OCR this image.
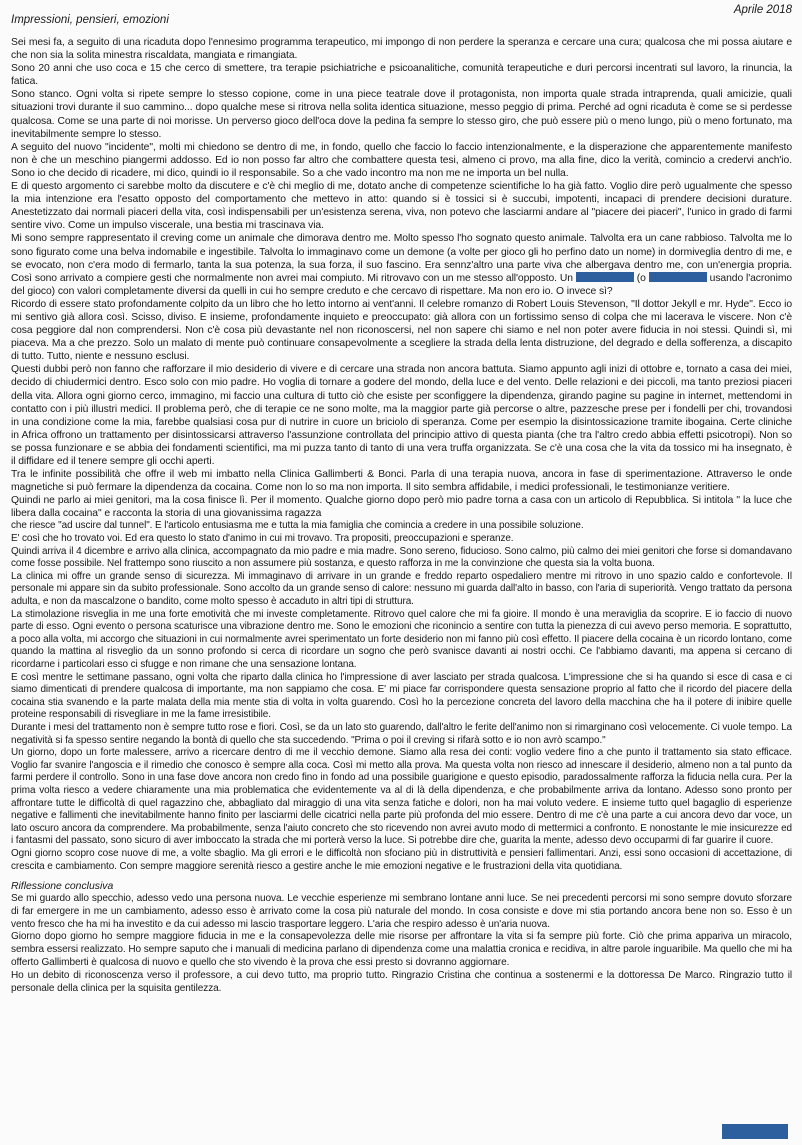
Aprile 2018
Impressioni, pensieri, emozioni

Sei mesi fa, a seguito di una ricaduta dopo l'ennesimo programma terapeutico, mi impongo di non perdere la speranza e cercare una cura; qualcosa che mi possa aiutare e che non sia la solita minestra riscaldata, mangiata e rimangiata.

Sono 20 anni che uso coca e 15 che cerco di smettere, tra terapie psichiatriche e psicoanalitiche, comunità terapeutiche e duri percorsi incentrati sul lavoro, la rinuncia, la fatica.

Sono stanco. Ogni volta si ripete sempre lo stesso copione, come in una piece teatrale dove il protagonista, non importa quale strada intraprenda, quali amicizie, quali situazioni trovi durante il suo cammino... dopo qualche mese si ritrova nella solita identica situazione, messo peggio di prima. Perché ad ogni ricaduta è come se si perdesse qualcosa. Come se una parte di noi morisse. Un perverso gioco dell'oca dove la pedina fa sempre lo stesso giro, che può essere più o meno lungo, più o meno fortunato, ma inevitabilmente sempre lo stesso.

A seguito del nuovo "incidente", molti mi chiedono se dentro di me, in fondo, quello che faccio lo faccio intenzionalmente, e la disperazione che apparentemente manifesto non è che un meschino piangermi addosso. Ed io non posso far altro che combattere questa tesi, almeno ci provo, ma alla fine, dico la verità, comincio a credervi anch'io. Sono io che decido di ricadere, mi dico, quindi io il responsabile. So a che vado incontro ma non me ne importa un bel nulla.

E di questo argomento ci sarebbe molto da discutere e c'è chi meglio di me, dotato anche di competenze scientifiche lo ha già fatto. Voglio dire però ugualmente che spesso la mia intenzione era l'esatto opposto del comportamento che mettevo in atto: quando si è tossici si è succubi, impotenti, incapaci di prendere decisioni durature. Anestetizzato dai normali piaceri della vita, così indispensabili per un'esistenza serena, viva, non potevo che lasciarmi andare al "piacere dei piaceri", l'unico in grado di farmi sentire vivo. Come un impulso viscerale, una bestia mi trascinava via.

Mi sono sempre rappresentato il creving come un animale che dimorava dentro me. Molto spesso l'ho sognato questo animale. Talvolta era un cane rabbioso. Talvolta me lo sono figurato come una belva indomabile e ingestibile. Talvolta lo immaginavo come un demone (a volte per gioco gli ho perfino dato un nome) in dormiveglia dentro di me, e se evocato, non c'era modo di fermarlo, tanta la sua potenza, la sua forza, il suo fascino. Era sennz'altro una parte viva che albergava dentro me, con un'energia propria. Così sono arrivato a compiere gesti che normalmente non avrei mai compiuto. Mi ritrovavo con un me stesso all'opposto. Un	(o	usando l'acronimo del gioco) con valori completamente diversi da quelli in cui ho sempre creduto e che cercavo di rispettare. Ma non ero io. O invece sì?

Ricordo di essere stato profondamente colpito da un libro che ho letto intorno ai vent'anni. Il celebre romanzo di Robert Louis Stevenson, "Il dottor Jekyll e mr. Hyde". Ecco io mi sentivo già allora così. Scisso, diviso. E insieme, profondamente inquieto e preoccupato: già allora con un fortissimo senso di colpa che mi lacerava le viscere. Non c'è cosa peggiore dal non comprendersi. Non c'è cosa più devastante nel non riconoscersi, nel non sapere chi siamo e nel non poter avere fiducia in noi stessi. Quindi sì, mi piaceva. Ma a che prezzo. Solo un malato di mente può continuare consapevolmente a scegliere la strada della lenta distruzione, del degrado e della sofferenza, a discapito di tutto. Tutto, niente e nessuno esclusi.

Questi dubbi però non fanno che rafforzare il mio desiderio di vivere e di cercare una strada non ancora battuta. Siamo appunto agli inizi di ottobre e, tornato a casa dei miei, decido di chiudermici dentro. Esco solo con mio padre. Ho voglia di tornare a godere del mondo, della luce e del vento. Delle relazioni e dei piccoli, ma tanto preziosi piaceri della vita. Allora ogni giorno cerco, immagino, mi faccio una cultura di tutto ciò che esiste per sconfiggere la dipendenza, girando pagine su pagine in internet, mettendomi in contatto con i più illustri medici. Il problema però, che di terapie ce ne sono molte, ma la maggior parte già percorse o altre, pazzesche prese per i fondelli per chi, trovandosi in una condizione come la mia, farebbe qualsiasi cosa pur di nutrire in cuore un briciolo di speranza. Come per esempio la disintossicazione tramite ibogaina. Certe cliniche in Africa offrono un trattamento per disintossicarsi attraverso l'assunzione controllata del principio attivo di questa pianta (che tra l'altro credo abbia effetti psicotropi). Non so se possa funzionare e se abbia dei fondamenti scientifici, ma mi puzza tanto di tanto di una vera truffa organizzata. Se c'è una cosa che la vita da tossico mi ha insegnato, è il diffidare ed il tenere sempre gli occhi aperti.

Tra le infinite possibilità che offre il web mi imbatto nella Clinica Gallimberti & Bonci. Parla di una terapia nuova, ancora in fase di sperimentazione. Attraverso le onde magnetiche si può fermare la dipendenza da cocaina. Come non lo so ma non importa. Il sito sembra affidabile, i medici professionali, le testimonianze veritiere.

Quindi ne parlo ai miei genitori, ma la cosa finisce lì. Per il momento. Qualche giorno dopo però mio padre torna a casa con un articolo di Repubblica. Si intitola " la luce che libera dalla cocaina" e racconta la storia di una giovanissima ragazza

che riesce "ad uscire dal tunnel". E l'articolo entusiasma me e tutta la mia famiglia che comincia a credere in una possibile soluzione.

E' così che ho trovato voi. Ed era questo lo stato d'animo in cui mi trovavo. Tra propositi, preoccupazioni e speranze.

Quindi arriva il 4 dicembre e arrivo alla clinica, accompagnato da mio padre e mia madre. Sono sereno, fiducioso. Sono calmo, più calmo dei miei genitori che forse si domandavano come fosse possibile. Nel frattempo sono riuscito a non assumere più sostanza, e questo rafforza in me la convinzione che questa sia la volta buona.

La clinica mi offre un grande senso di sicurezza. Mi immaginavo di arrivare in un grande e freddo reparto ospedaliero mentre mi ritrovo in uno spazio caldo e confortevole. Il personale mi appare sin da subito professionale. Sono accolto da un grande senso di calore: nessuno mi guarda dall'alto in basso, con l'aria di superiorità. Vengo trattato da persona adulta, e non da mascalzone o bandito, come molto spesso è accaduto in altri tipi di struttura.

La stimolazione risveglia in me una forte emotività che mi investe completamente. Ritrovo quel calore che mi fa gioire. Il mondo è una meraviglia da scoprire. E io faccio di nuovo parte di esso. Ogni evento o persona scaturisce una vibrazione dentro me. Sono le emozioni che riconincio a sentire con tutta la pienezza di cui avevo perso memoria. E soprattutto, a poco alla volta, mi accorgo che situazioni in cui normalmente avrei sperimentato un forte desiderio non mi fanno più così effetto. Il piacere della cocaina è un ricordo lontano, come quando la mattina al risveglio da un sonno profondo si cerca di ricordare un sogno che però svanisce davanti ai nostri occhi. Ce l'abbiamo davanti, ma appena si cercano di ricordarne i particolari esso ci sfugge e non rimane che una sensazione lontana.

E così mentre le settimane passano, ogni volta che riparto dalla clinica ho l'impressione di aver lasciato per strada qualcosa. L'impressione che si ha quando si esce di casa e ci siamo dimenticati di prendere qualcosa di importante, ma non sappiamo che cosa. E' mi piace far corrispondere questa sensazione proprio al fatto che il ricordo del piacere della cocaina stia svanendo e la parte malata della mia mente stia di volta in volta guarendo. Così ho la percezione concreta del lavoro della macchina che ha il potere di inibire quelle proteine responsabili di risvegliare in me la fame irresistibile.

Durante i mesi del trattamento non è sempre tutto rose e fiori. Così, se da un lato sto guarendo, dall'altro le ferite dell'animo non si rimarginano così velocemente. Ci vuole tempo. La negatività si fa spesso sentire negando la bontà di quello che sta succedendo. "Prima o poi il creving si rifarà sotto e io non avrò scampo."

Un giorno, dopo un forte malessere, arrivo a ricercare dentro di me il vecchio demone. Siamo alla resa dei conti: voglio vedere fino a che punto il trattamento sia stato efficace. Voglio far svanire l'angoscia e il rimedio che conosco è sempre alla coca. Così mi metto alla prova. Ma questa volta non riesco ad innescare il desiderio, almeno non a tal punto da farmi perdere il controllo. Sono in una fase dove ancora non credo fino in fondo ad una possibile guarigione e questo episodio, paradossalmente rafforza la fiducia nella cura. Per la prima volta riesco a vedere chiaramente una mia problematica che evidentemente va al di là della dipendenza, e che probabilmente arriva da lontano. Adesso sono pronto per affrontare tutte le difficoltà di quel ragazzino che, abbagliato dal miraggio di una vita senza fatiche e dolori, non ha mai voluto vedere. E insieme tutto quel bagaglio di esperienze negative e fallimenti che inevitabilmente hanno finito per lasciarmi delle cicatrici nella parte più profonda del mio essere. Dentro di me c'è una parte a cui ancora devo dar voce, un lato oscuro ancora da comprendere. Ma probabilmente, senza l'aiuto concreto che sto ricevendo non avrei avuto modo di mettermici a confronto. E nonostante le mie insicurezze ed i fantasmi del passato, sono sicuro di aver imboccato la strada che mi porterà verso la luce. Si potrebbe dire che, guarita la mente, adesso devo occuparmi di far guarire il cuore.

Ogni giorno scopro cose nuove di me, a volte sbaglio. Ma gli errori e le difficoltà non sfociano più in distruttività e pensieri fallimentari. Anzi, essi sono occasioni di accettazione, di crescita e cambiamento. Con sempre maggiore serenità riesco a gestire anche le mie emozioni negative e le frustrazioni della vita quotidiana.

Riflessione conclusiva

Se mi guardo allo specchio, adesso vedo una persona nuova. Le vecchie esperienze mi sembrano lontane anni luce. Se nei precedenti percorsi mi sono sempre dovuto sforzare di far emergere in me un cambiamento, adesso esso è arrivato come la cosa più naturale del mondo. In cosa consiste e dove mi stia portando ancora bene non so. Esso è un vento fresco che ha mi ha investito e da cui adesso mi lascio trasportare leggero. L'aria che respiro adesso è un'aria nuova.

Giorno dopo giorno ho sempre maggiore fiducia in me e la consapevolezza delle mie risorse per affrontare la vita si fa sempre più forte. Ciò che prima appariva un miracolo, sembra essersi realizzato. Ho sempre saputo che i manuali di medicina parlano di dipendenza come una malattia cronica e recidiva, in altre parole inguaribile. Ma quello che mi ha offerto Gallimberti è qualcosa di nuovo e quello che sto vivendo è la prova che essi presto si dovranno aggiornare.

Ho un debito di riconoscenza verso il professore, a cui devo tutto, ma proprio tutto. Ringrazio Cristina che continua a sostenermi e la dottoressa De Marco. Ringrazio tutto il personale della clinica per la squisita gentilezza.
